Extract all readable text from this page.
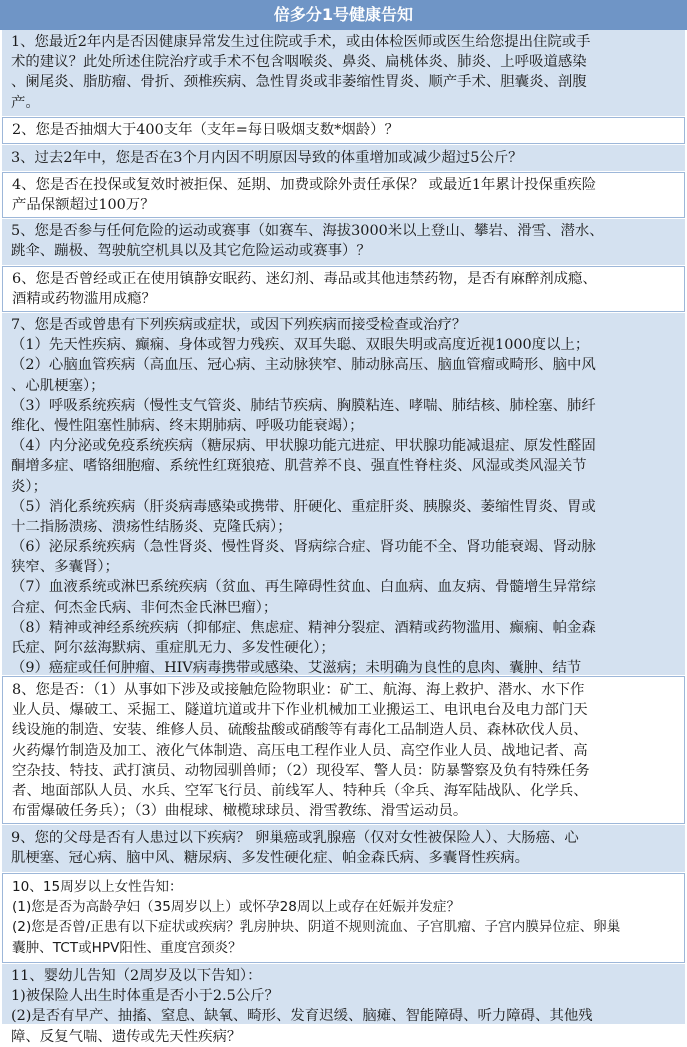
倍多分1号健康告知
1、您最近2年内是否因健康异常发生过住院或手术，或由体检医师或医生给您提出住院或手
术的建议？此处所述住院治疗或手术不包含咽喉炎、鼻炎、扁桃体炎、肺炎、上呼吸道感染
、阑尾炎、脂肪瘤、骨折、颈椎疾病、急性胃炎或非萎缩性胃炎、顺产手术、胆囊炎、剖腹
产。
2、您是否抽烟大于400支年（支年=每日吸烟支数*烟龄）？
3、过去2年中，您是否在3个月内因不明原因导致的体重增加或减少超过5公斤？
4、您是否在投保或复效时被拒保、延期、加费或除外责任承保？ 或最近1年累计投保重疾险
产品保额超过100万？
5、您是否参与任何危险的运动或赛事（如赛车、海拔3000米以上登山、攀岩、滑雪、潜水、
跳伞、蹦极、驾驶航空机具以及其它危险运动或赛事）？
6、您是否曾经或正在使用镇静安眠药、迷幻剂、毒品或其他违禁药物，是否有麻醉剂成瘾、
酒精或药物滥用成瘾？
7、您是否或曾患有下列疾病或症状，或因下列疾病而接受检查或治疗？
（1）先天性疾病、癫痫、身体或智力残疾、双耳失聪、双眼失明或高度近视1000度以上；
（2）心脑血管疾病（高血压、冠心病、主动脉狭窄、肺动脉高压、脑血管瘤或畸形、脑中风
、心肌梗塞）；
（3）呼吸系统疾病（慢性支气管炎、肺结节疾病、胸膜粘连、哮喘、肺结核、肺栓塞、肺纤
维化、慢性阻塞性肺病、终末期肺病、呼吸功能衰竭）；
（4）内分泌或免疫系统疾病（糖尿病、甲状腺功能亢进症、甲状腺功能减退症、原发性醛固
酮增多症、嗜铬细胞瘤、系统性红斑狼疮、肌营养不良、强直性脊柱炎、风湿或类风湿关节
炎）；
（5）消化系统疾病（肝炎病毒感染或携带、肝硬化、重症肝炎、胰腺炎、萎缩性胃炎、胃或
十二指肠溃疡、溃疡性结肠炎、克隆氏病）；
（6）泌尿系统疾病（急性肾炎、慢性肾炎、肾病综合症、肾功能不全、肾功能衰竭、肾动脉
狭窄、多囊肾）；
（7）血液系统或淋巴系统疾病（贫血、再生障碍性贫血、白血病、血友病、骨髓增生异常综
合症、何杰金氏病、非何杰金氏淋巴瘤）；
（8）精神或神经系统疾病（抑郁症、焦虑症、精神分裂症、酒精或药物滥用、癫痫、帕金森
氏症、阿尔兹海默病、重症肌无力、多发性硬化）；
（9）癌症或任何肿瘤、HIV病毒携带或感染、艾滋病；未明确为良性的息肉、囊肿、结节
8、您是否：（1）从事如下涉及或接触危险物职业：矿工、航海、海上救护、潜水、水下作
业人员、爆破工、采掘工、隧道坑道或井下作业机械加工业搬运工、电讯电台及电力部门天
线设施的制造、安装、维修人员、硫酸盐酸或硝酸等有毒化工品制造人员、森林砍伐人员、
火药爆竹制造及加工、液化气体制造、高压电工程作业人员、高空作业人员、战地记者、高
空杂技、特技、武打演员、动物园驯兽师；（2）现役军、警人员：防暴警察及负有特殊任务
者、地面部队人员、水兵、空军飞行员、前线军人、特种兵（伞兵、海军陆战队、化学兵、
布雷爆破任务兵）；（3）曲棍球、橄榄球球员、滑雪教练、滑雪运动员。
9、您的父母是否有人患过以下疾病？ 卵巢癌或乳腺癌（仅对女性被保险人）、大肠癌、心
肌梗塞、冠心病、脑中风、糖尿病、多发性硬化症、帕金森氏病、多囊肾性疾病。
10、15周岁以上女性告知：
(1)您是否为高龄孕妇（35周岁以上）或怀孕28周以上或存在妊娠并发症？
(2)您是否曾/正患有以下症状或疾病？乳房肿块、阴道不规则流血、子宫肌瘤、子宫内膜异位症、卵巢
囊肿、TCT或HPV阳性、重度宫颈炎？
11、婴幼儿告知（2周岁及以下告知）：
1)被保险人出生时体重是否小于2.5公斤？
(2)是否有早产、抽搐、窒息、缺氧、畸形、发育迟缓、脑瘫、智能障碍、听力障碍、其他残
障、反复气喘、遗传或先天性疾病？
